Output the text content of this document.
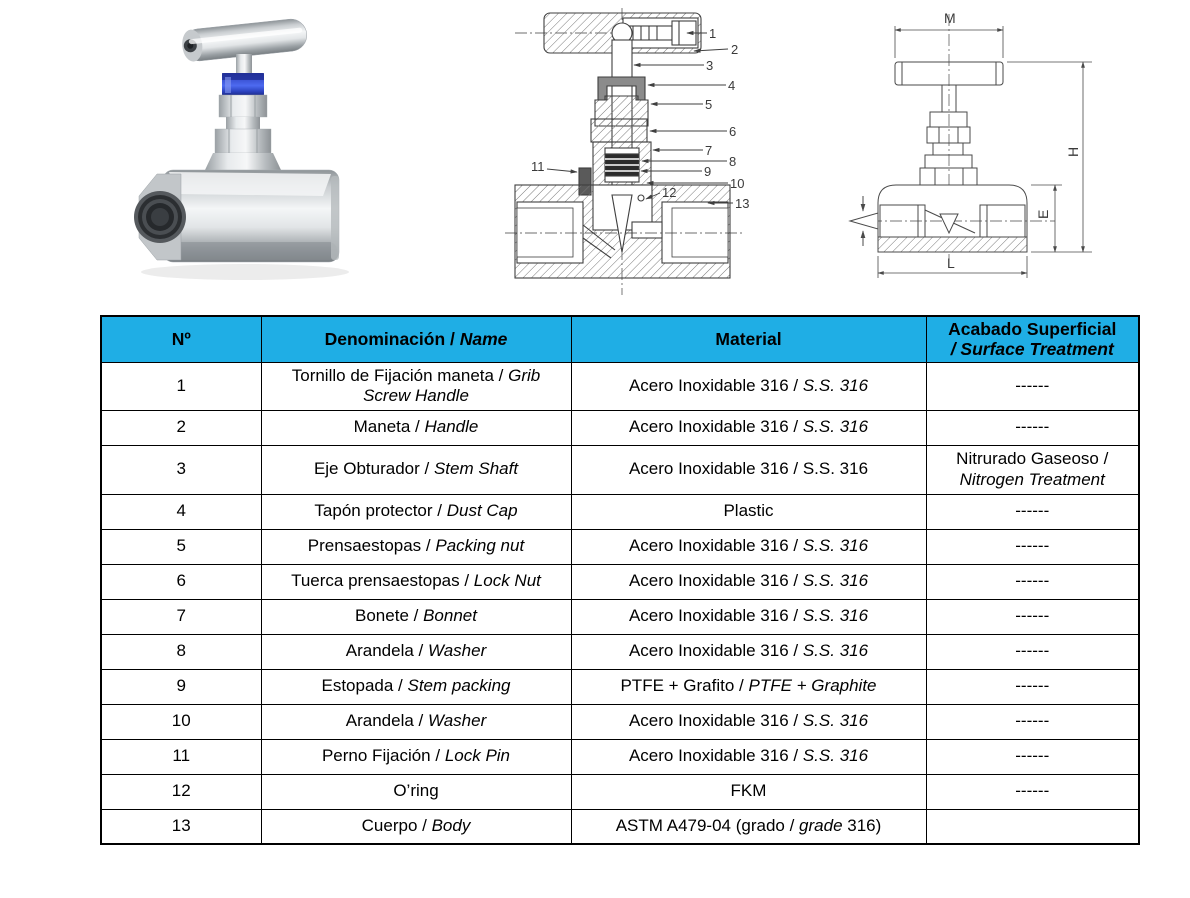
1
2
3
4
5
6
7
8
9
10
11
12
13
M
H
E
L
Nº	Denominación / Name	Material	Acabado Superficial
/ Surface Treatment
1	Tornillo de Fijación maneta / Grib Screw Handle	Acero Inoxidable 316 / S.S. 316	------
2	Maneta / Handle	Acero Inoxidable 316 / S.S. 316	------
3	Eje Obturador / Stem Shaft	Acero Inoxidable 316 / S.S. 316	Nitrurado Gaseoso / Nitrogen Treatment
4	Tapón protector / Dust Cap	Plastic	------
5	Prensaestopas / Packing nut	Acero Inoxidable 316 / S.S. 316	------
6	Tuerca prensaestopas / Lock Nut	Acero Inoxidable 316 / S.S. 316	------
7	Bonete / Bonnet	Acero Inoxidable 316 / S.S. 316	------
8	Arandela / Washer	Acero Inoxidable 316 / S.S. 316	------
9	Estopada / Stem packing	PTFE + Grafito / PTFE + Graphite	------
10	Arandela / Washer	Acero Inoxidable 316 / S.S. 316	------
11	Perno Fijación / Lock Pin	Acero Inoxidable 316 / S.S. 316	------
12	O’ring	FKM	------
13	Cuerpo / Body	ASTM A479-04 (grado / grade 316)	
